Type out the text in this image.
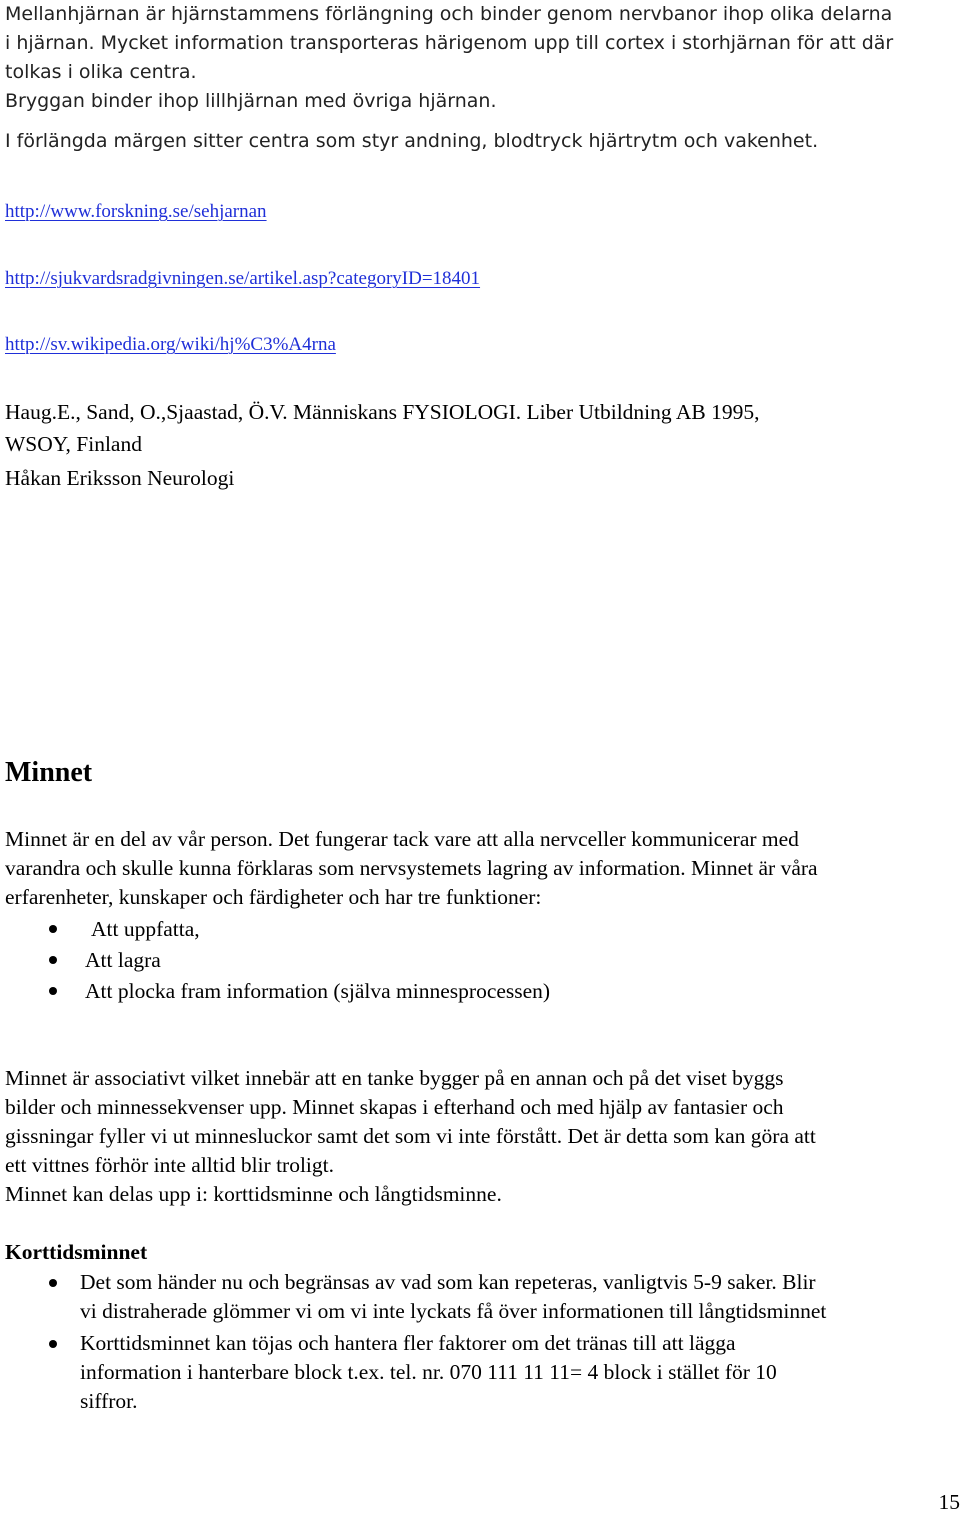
Mellanhjärnan är hjärnstammens förlängning och binder genom nervbanor ihop olika delarna
i hjärnan. Mycket information transporteras härigenom upp till cortex i storhjärnan för att där
tolkas i olika centra.
Bryggan binder ihop lillhjärnan med övriga hjärnan.
I förlängda märgen sitter centra som styr andning, blodtryck hjärtrytm och vakenhet.
http://www.forskning.se/sehjarnan
http://sjukvardsradgivningen.se/artikel.asp?categoryID=18401
http://sv.wikipedia.org/wiki/hj%C3%A4rna
Haug.E., Sand, O.,Sjaastad, Ö.V. Människans FYSIOLOGI. Liber Utbildning AB 1995,
WSOY, Finland
Håkan Eriksson Neurologi
Minnet
Minnet är en del av vår person. Det fungerar tack vare att alla nervceller kommunicerar med
varandra och skulle kunna förklaras som nervsystemets lagring av information. Minnet är våra
erfarenheter, kunskaper och färdigheter och har tre funktioner:
Att uppfatta,
Att lagra
Att plocka fram information (själva minnesprocessen)
Minnet är associativt vilket innebär att en tanke bygger på en annan och på det viset byggs
bilder och minnessekvenser upp. Minnet skapas i efterhand och med hjälp av fantasier och
gissningar fyller vi ut minnesluckor samt det som vi inte förstått. Det är detta som kan göra att
ett vittnes förhör inte alltid blir troligt.
Minnet kan delas upp i: korttidsminne och långtidsminne.
Korttidsminnet
Det som händer nu och begränsas av vad som kan repeteras, vanligtvis 5-9 saker. Blir
vi distraherade glömmer vi om vi inte lyckats få över informationen till långtidsminnet
Korttidsminnet kan töjas och hantera fler faktorer om det tränas till att lägga
information i hanterbare block t.ex. tel. nr. 070 111 11 11= 4 block i stället för 10
siffror.
15
